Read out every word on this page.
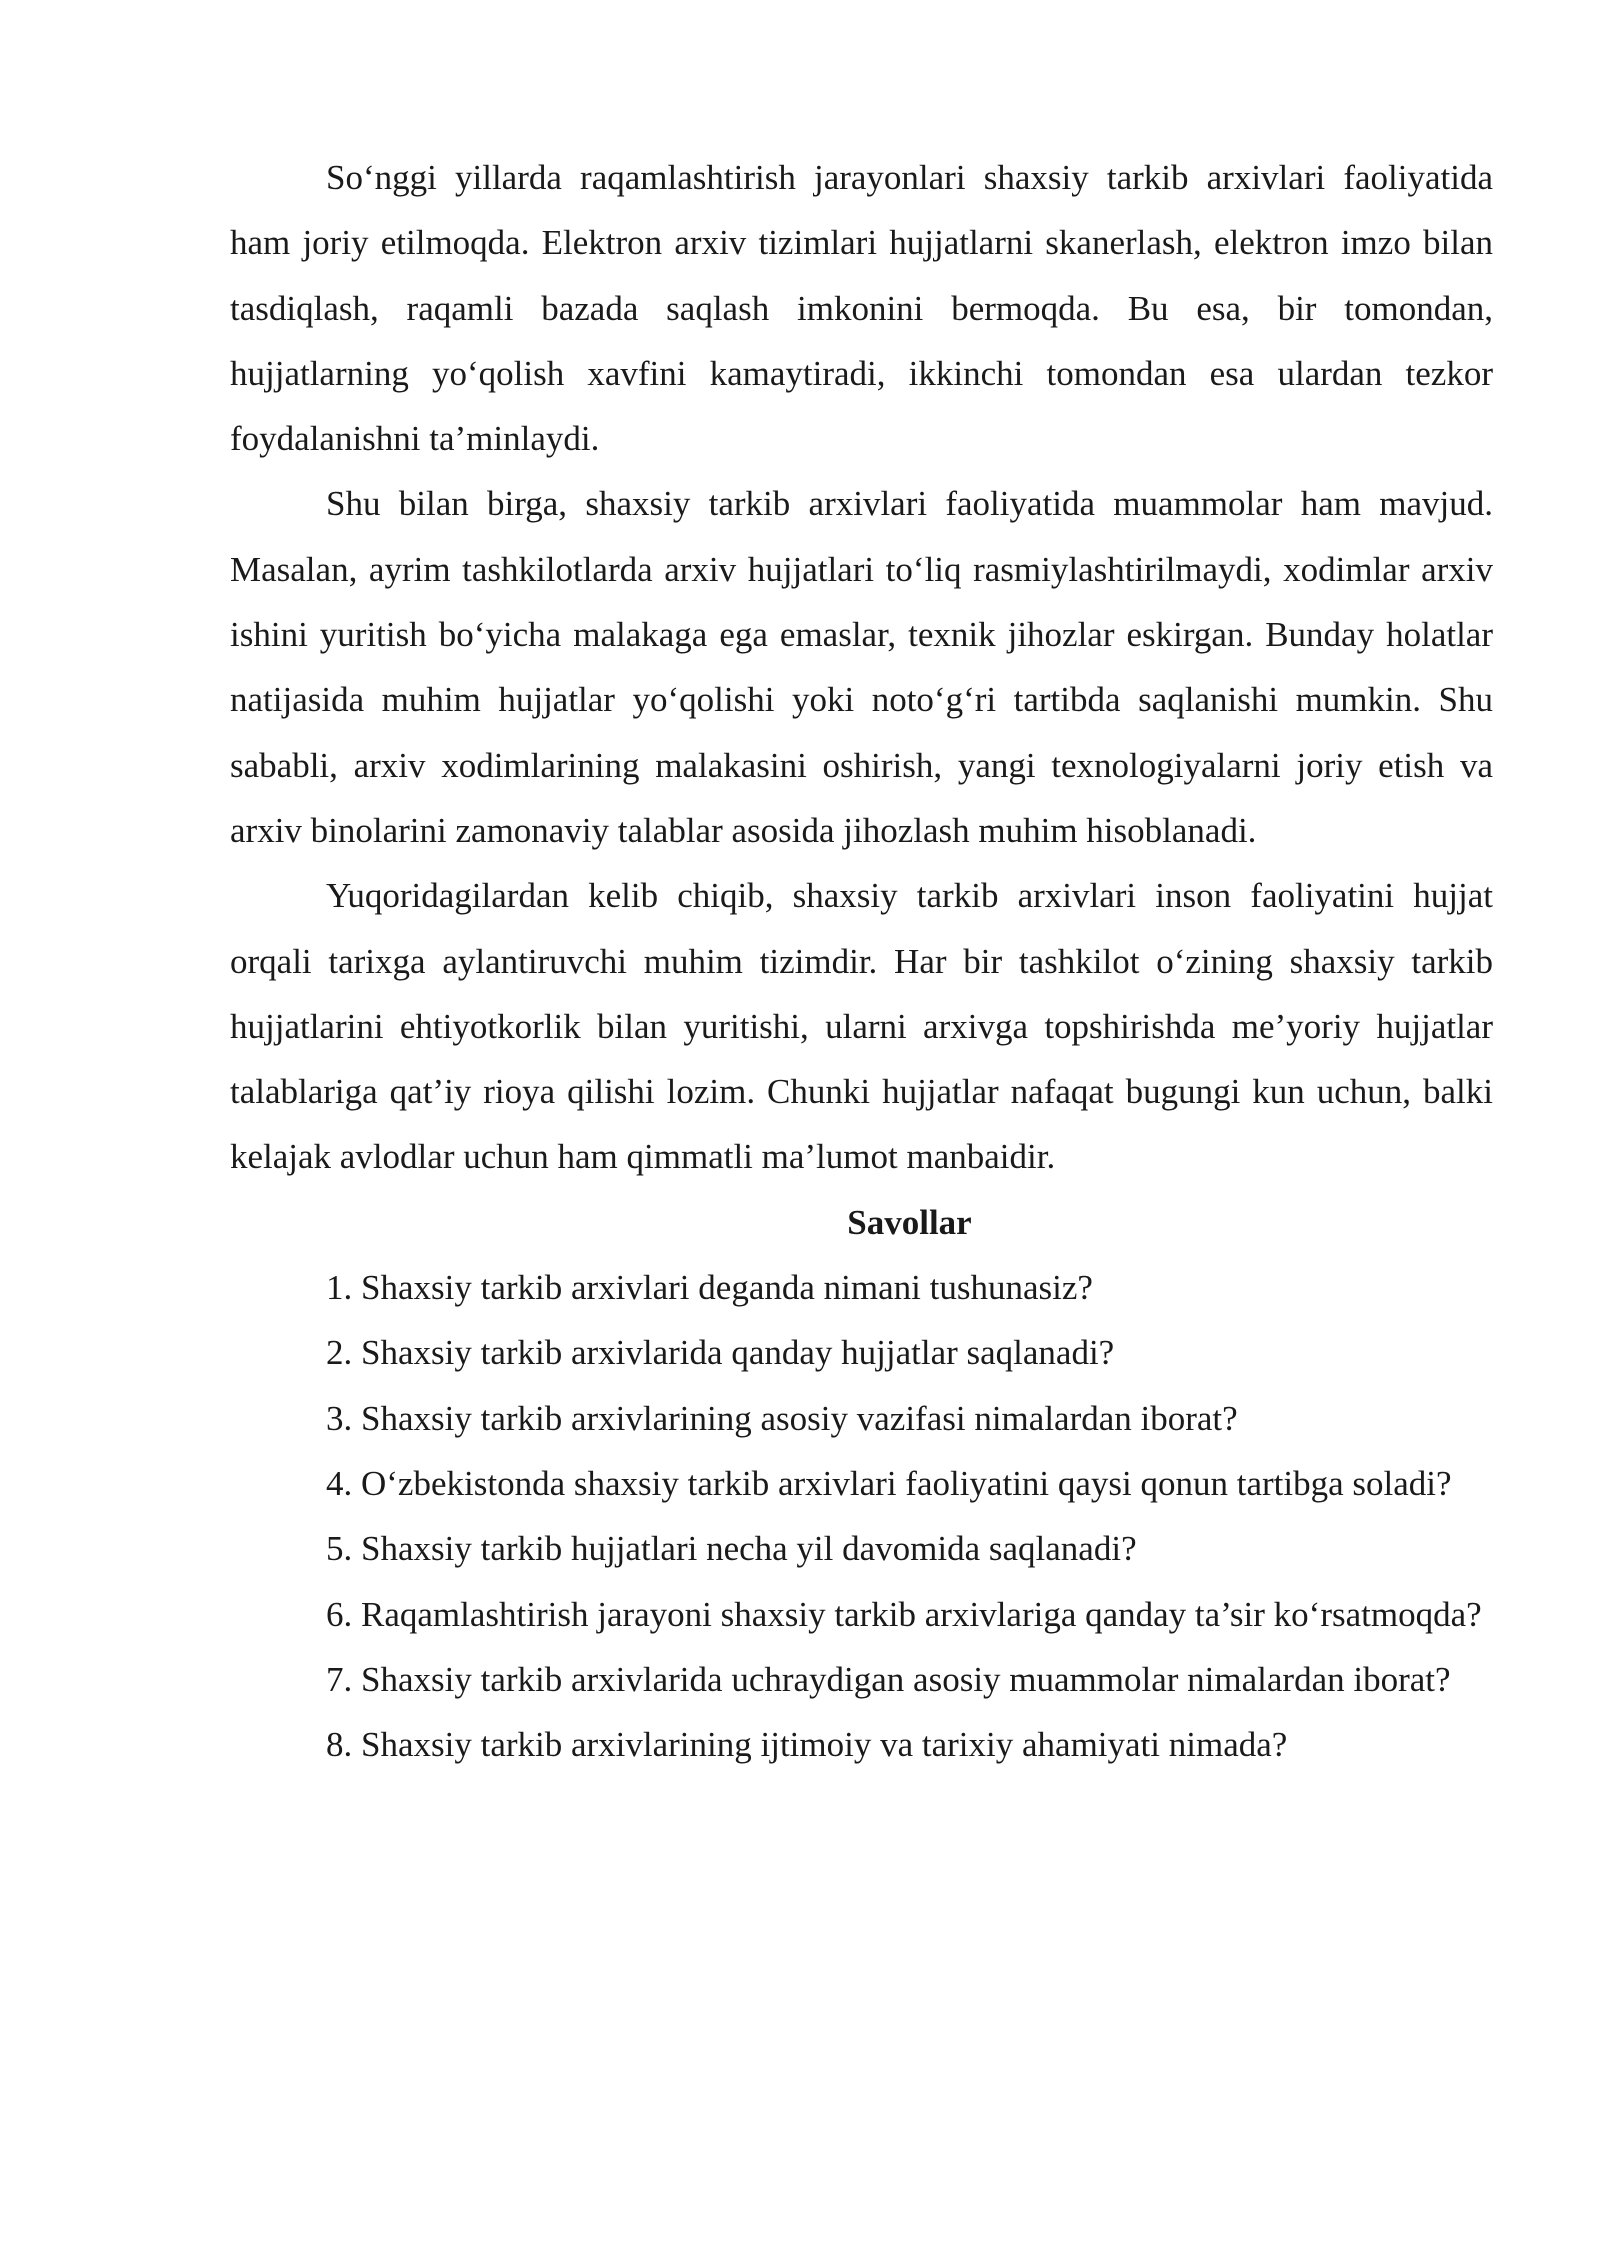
So‘nggi yillarda raqamlashtirish jarayonlari shaxsiy tarkib arxivlari faoliyatida ham joriy etilmoqda. Elektron arxiv tizimlari hujjatlarni skanerlash, elektron imzo bilan tasdiqlash, raqamli bazada saqlash imkonini bermoqda. Bu esa, bir tomondan, hujjatlarning yo‘qolish xavfini kamaytiradi, ikkinchi tomondan esa ulardan tezkor foydalanishni ta’minlaydi.

Shu bilan birga, shaxsiy tarkib arxivlari faoliyatida muammolar ham mavjud. Masalan, ayrim tashkilotlarda arxiv hujjatlari to‘liq rasmiylashtirilmaydi, xodimlar arxiv ishini yuritish bo‘yicha malakaga ega emaslar, texnik jihozlar eskirgan. Bunday holatlar natijasida muhim hujjatlar yo‘qolishi yoki noto‘g‘ri tartibda saqlanishi mumkin. Shu sababli, arxiv xodimlarining malakasini oshirish, yangi texnologiyalarni joriy etish va arxiv binolarini zamonaviy talablar asosida jihozlash muhim hisoblanadi.

Yuqoridagilardan kelib chiqib, shaxsiy tarkib arxivlari inson faoliyatini hujjat orqali tarixga aylantiruvchi muhim tizimdir. Har bir tashkilot o‘zining shaxsiy tarkib hujjatlarini ehtiyotkorlik bilan yuritishi, ularni arxivga topshirishda me’yoriy hujjatlar talablariga qat’iy rioya qilishi lozim. Chunki hujjatlar nafaqat bugungi kun uchun, balki kelajak avlodlar uchun ham qimmatli ma’lumot manbaidir.

Savollar

1. Shaxsiy tarkib arxivlari deganda nimani tushunasiz?

2. Shaxsiy tarkib arxivlarida qanday hujjatlar saqlanadi?

3. Shaxsiy tarkib arxivlarining asosiy vazifasi nimalardan iborat?

4. O‘zbekistonda shaxsiy tarkib arxivlari faoliyatini qaysi qonun tartibga soladi?

5. Shaxsiy tarkib hujjatlari necha yil davomida saqlanadi?

6. Raqamlashtirish jarayoni shaxsiy tarkib arxivlariga qanday ta’sir ko‘rsatmoqda?

7. Shaxsiy tarkib arxivlarida uchraydigan asosiy muammolar nimalardan iborat?

8. Shaxsiy tarkib arxivlarining ijtimoiy va tarixiy ahamiyati nimada?
